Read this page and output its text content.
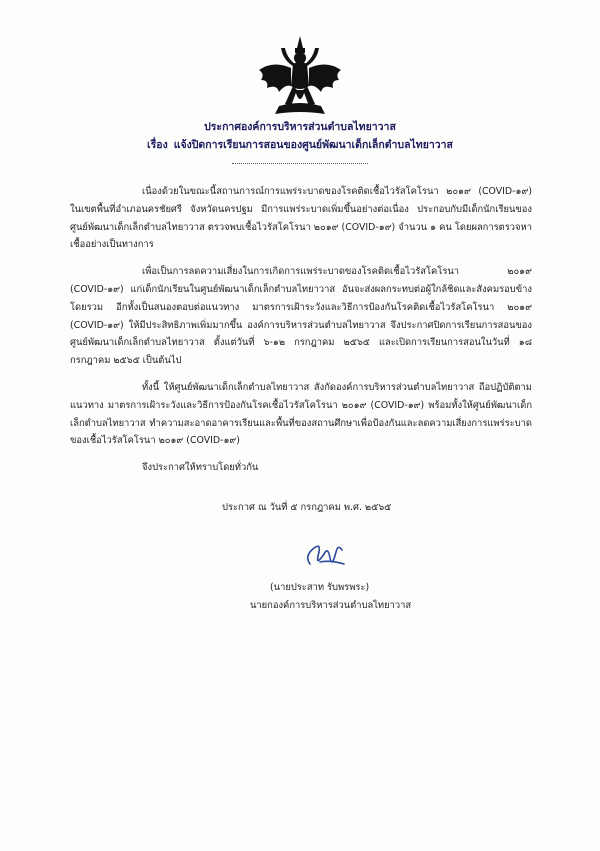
ประกาศองค์การบริหารส่วนตำบลไทยาวาส
เรื่อง แจ้งปิดการเรียนการสอนของศูนย์พัฒนาเด็กเล็กตำบลไทยาวาส

เนื่องด้วยในขณะนี้สถานการณ์การแพร่ระบาดของโรคติดเชื้อไวรัสโคโรนา ๒๐๑๙ (COVID-๑๙) ในเขตพื้นที่อำเภอนครชัยศรี จังหวัดนครปฐม มีการแพร่ระบาดเพิ่มขึ้นอย่างต่อเนื่อง ประกอบกับมีเด็กนักเรียนของศูนย์พัฒนาเด็กเล็กตำบลไทยาวาส ตรวจพบเชื้อไวรัสโคโรนา ๒๐๑๙ (COVID-๑๙) จำนวน ๑ คน โดยผลการตรวจหาเชื้ออย่างเป็นทางการ

เพื่อเป็นการลดความเสี่ยงในการเกิดการแพร่ระบาดของโรคติดเชื้อไวรัสโคโรนา ๒๐๑๙ (COVID-๑๙) แก่เด็กนักเรียนในศูนย์พัฒนาเด็กเล็กตำบลไทยาวาส อันจะส่งผลกระทบต่อผู้ใกล้ชิดและสังคมรอบข้างโดยรวม อีกทั้งเป็นสนองตอบต่อแนวทาง มาตรการเฝ้าระวังและวิธีการป้องกันโรคติดเชื้อไวรัสโคโรนา ๒๐๑๙ (COVID-๑๙) ให้มีประสิทธิภาพเพิ่มมากขึ้น องค์การบริหารส่วนตำบลไทยาวาส จึงประกาศปิดการเรียนการสอนของศูนย์พัฒนาเด็กเล็กตำบลไทยาวาส ตั้งแต่วันที่ ๖-๑๒ กรกฎาคม ๒๕๖๕ และเปิดการเรียนการสอนในวันที่ ๑๘ กรกฎาคม ๒๕๖๕ เป็นต้นไป

ทั้งนี้ ให้ศูนย์พัฒนาเด็กเล็กตำบลไทยาวาส สังกัดองค์การบริหารส่วนตำบลไทยาวาส ถือปฏิบัติตามแนวทาง มาตรการเฝ้าระวังและวิธีการป้องกันโรคเชื้อไวรัสโคโรนา ๒๐๑๙ (COVID-๑๙) พร้อมทั้งให้ศูนย์พัฒนาเด็กเล็กตำบลไทยาวาส ทำความสะอาดอาคารเรียนและพื้นที่ของสถานศึกษาเพื่อป้องกันและลดความเสี่ยงการแพร่ระบาดของเชื้อไวรัสโคโรนา ๒๐๑๙ (COVID-๑๙)

จึงประกาศให้ทราบโดยทั่วกัน

ประกาศ ณ วันที่ ๕ กรกฎาคม พ.ศ. ๒๕๖๕
(นายประสาท รับพรพระ)
นายกองค์การบริหารส่วนตำบลไทยาวาส
